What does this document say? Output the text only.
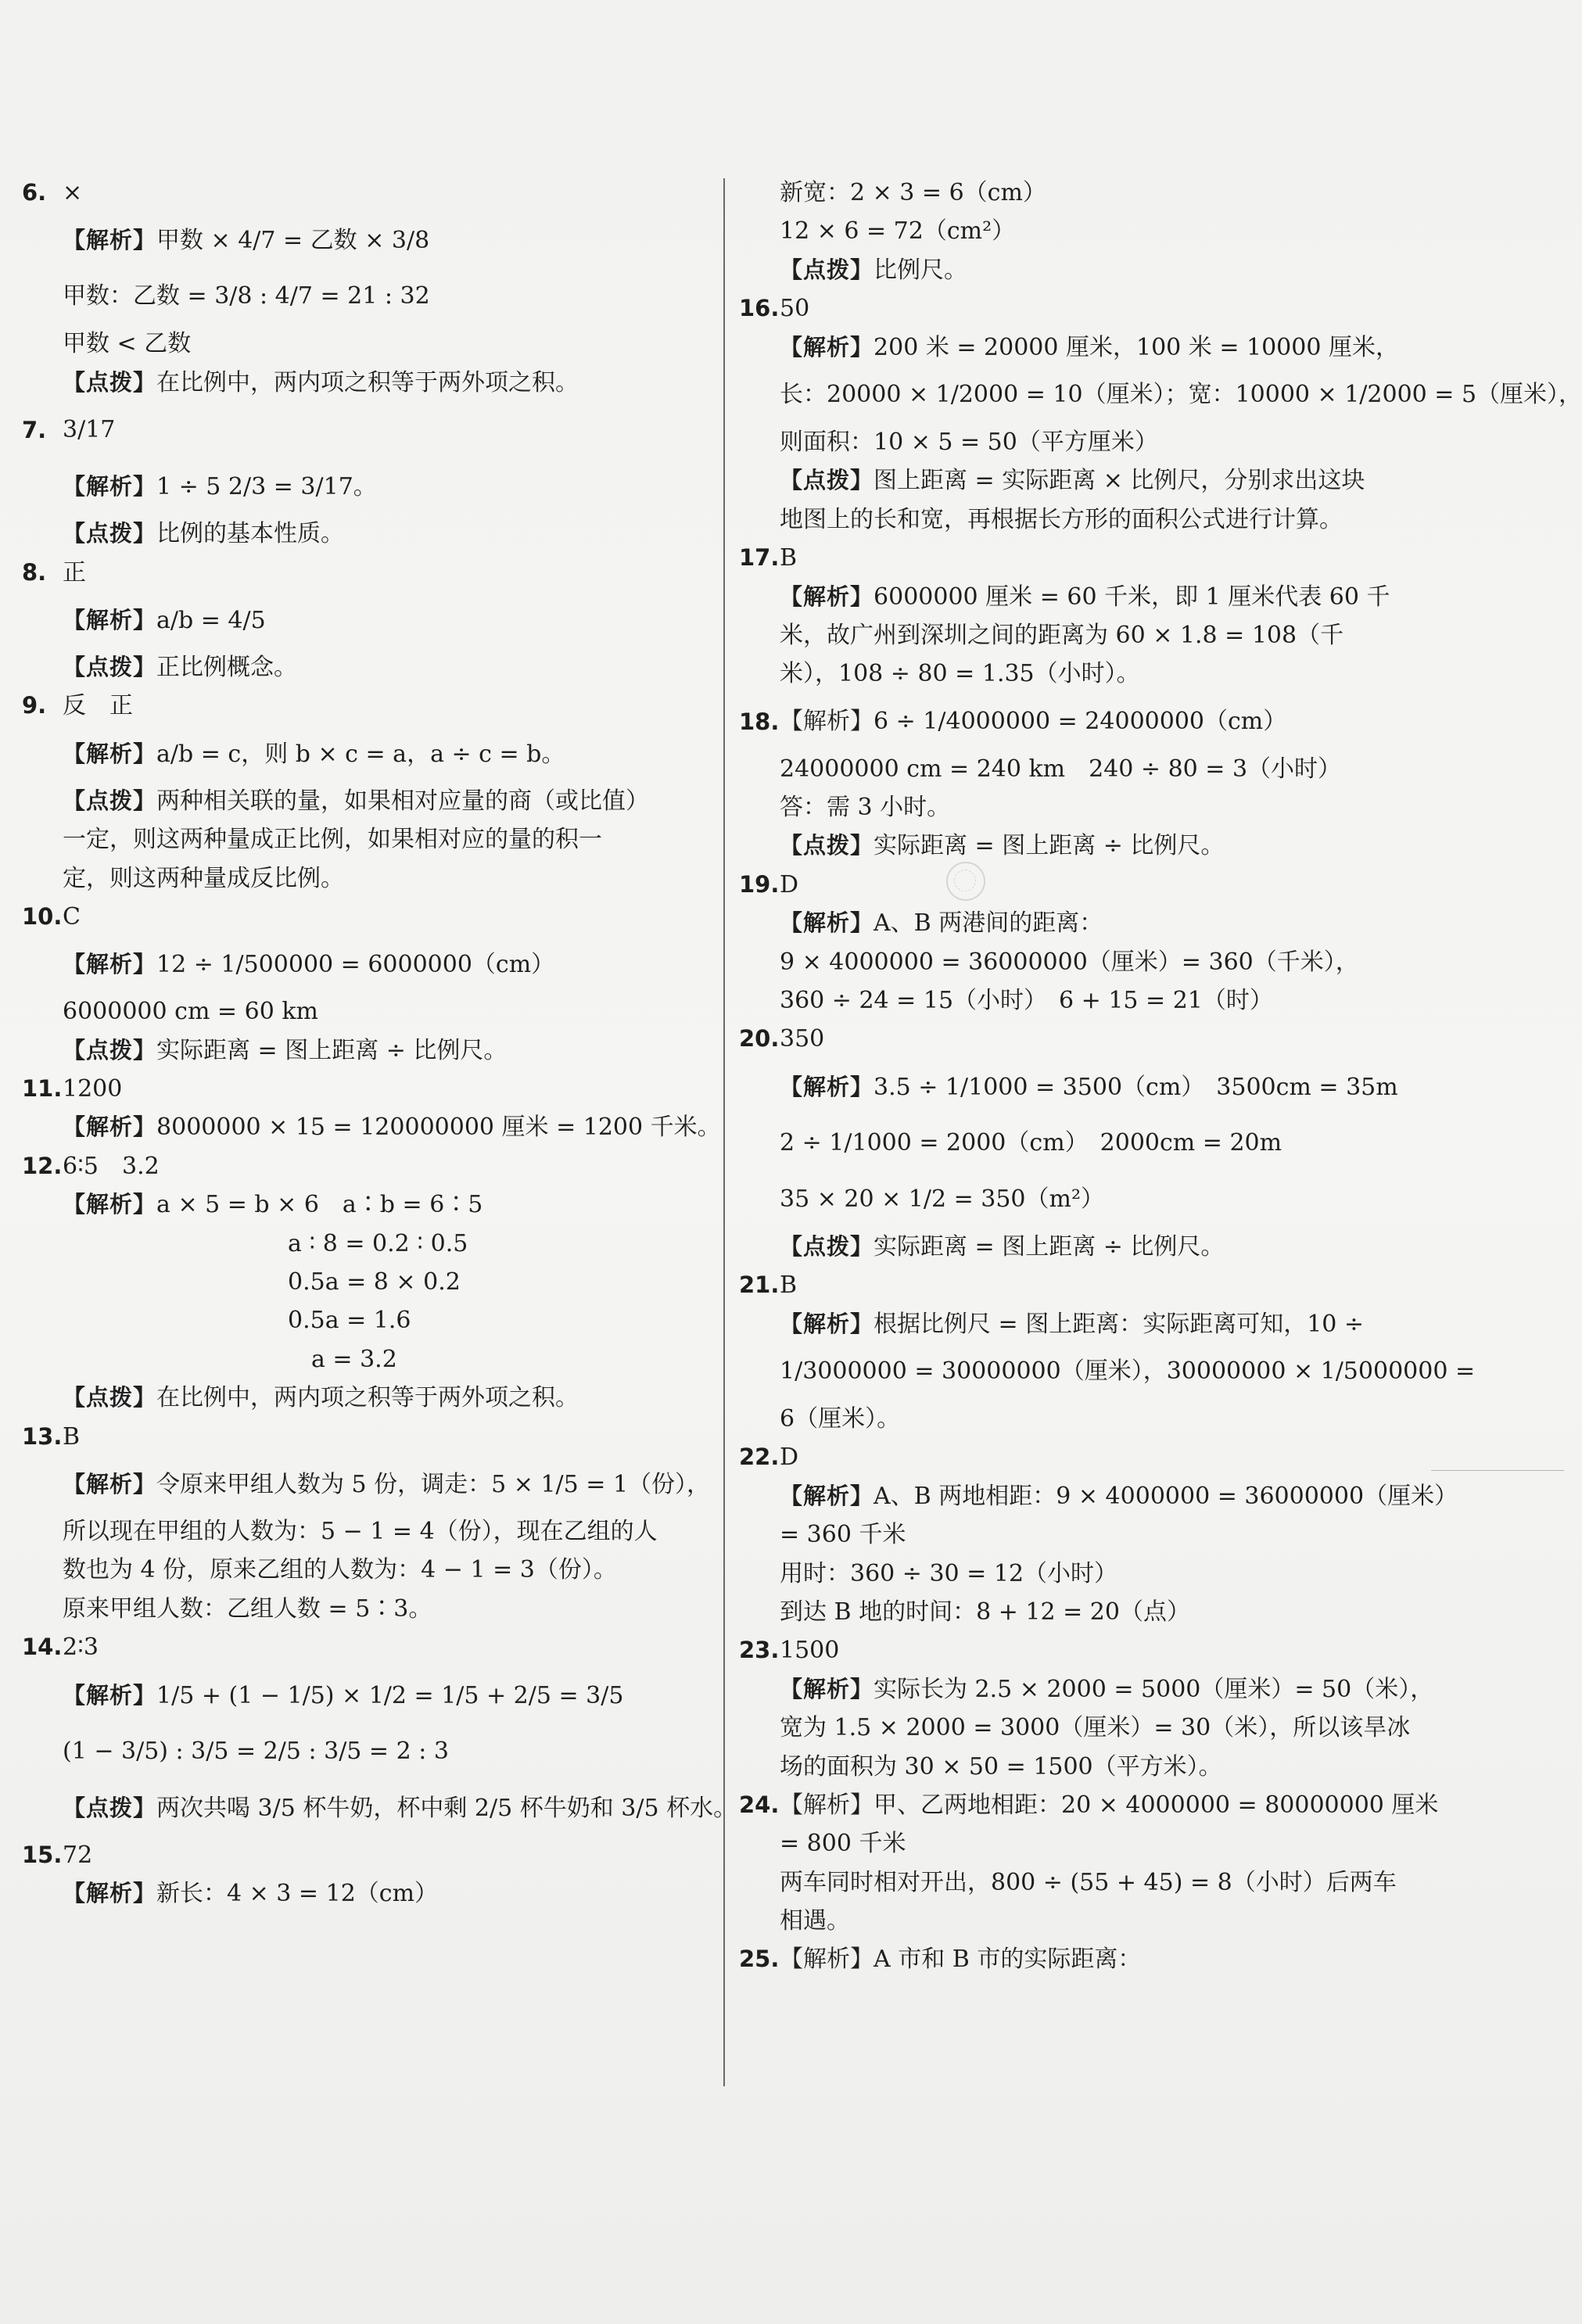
6. ×
【解析】甲数 × 4/7 = 乙数 × 3/8
甲数：乙数 = 3/8 : 4/7 = 21 : 32
甲数 < 乙数
【点拨】在比例中，两内项之积等于两外项之积。
7. 3/17
【解析】1 ÷ 5 2/3 = 3/17。
【点拨】比例的基本性质。
8. 正
【解析】a/b = 4/5
【点拨】正比例概念。
9. 反　正
【解析】a/b = c，则 b × c = a，a ÷ c = b。
【点拨】两种相关联的量，如果相对应量的商（或比值）
一定，则这两种量成正比例，如果相对应的量的积一
定，则这两种量成反比例。
10. C
【解析】12 ÷ 1/500000 = 6000000（cm）
6000000 cm = 60 km
【点拨】实际距离 = 图上距离 ÷ 比例尺。
11. 1200
【解析】8000000 × 15 = 120000000 厘米 = 1200 千米。
12. 6∶5　3.2
【解析】a × 5 = b × 6　a∶b = 6∶5
a ∶ 8 = 0.2 ∶ 0.5
0.5a = 8 × 0.2
0.5a = 1.6
　a = 3.2
【点拨】在比例中，两内项之积等于两外项之积。
13. B
【解析】令原来甲组人数为 5 份，调走：5 × 1/5 = 1（份），
所以现在甲组的人数为：5 − 1 = 4（份），现在乙组的人
数也为 4 份，原来乙组的人数为：4 − 1 = 3（份）。
原来甲组人数：乙组人数 = 5∶3。
14. 2∶3
【解析】1/5 + (1 − 1/5) × 1/2 = 1/5 + 2/5 = 3/5
(1 − 3/5) : 3/5 = 2/5 : 3/5 = 2 : 3
【点拨】两次共喝 3/5 杯牛奶，杯中剩 2/5 杯牛奶和 3/5 杯水。
15. 72
【解析】新长：4 × 3 = 12（cm）
新宽：2 × 3 = 6（cm）
12 × 6 = 72（cm²）
【点拨】比例尺。
16. 50
【解析】200 米 = 20000 厘米，100 米 = 10000 厘米，
长：20000 × 1/2000 = 10（厘米）；宽：10000 × 1/2000 = 5（厘米），
则面积：10 × 5 = 50（平方厘米）
【点拨】图上距离 = 实际距离 × 比例尺，分别求出这块
地图上的长和宽，再根据长方形的面积公式进行计算。
17. B
【解析】6000000 厘米 = 60 千米，即 1 厘米代表 60 千
米，故广州到深圳之间的距离为 60 × 1.8 = 108（千
米），108 ÷ 80 = 1.35（小时）。
18. 【解析】6 ÷ 1/4000000 = 24000000（cm）
24000000 cm = 240 km　240 ÷ 80 = 3（小时）
答：需 3 小时。
【点拨】实际距离 = 图上距离 ÷ 比例尺。
19. D
【解析】A、B 两港间的距离：
9 × 4000000 = 36000000（厘米）= 360（千米），
360 ÷ 24 = 15（小时）　6 + 15 = 21（时）
20. 350
【解析】3.5 ÷ 1/1000 = 3500（cm）　3500cm = 35m
2 ÷ 1/1000 = 2000（cm）　2000cm = 20m
35 × 20 × 1/2 = 350（m²）
【点拨】实际距离 = 图上距离 ÷ 比例尺。
21. B
【解析】根据比例尺 = 图上距离：实际距离可知，10 ÷
1/3000000 = 30000000（厘米），30000000 × 1/5000000 =
6（厘米）。
22. D
【解析】A、B 两地相距：9 × 4000000 = 36000000（厘米）
= 360 千米
用时：360 ÷ 30 = 12（小时）
到达 B 地的时间：8 + 12 = 20（点）
23. 1500
【解析】实际长为 2.5 × 2000 = 5000（厘米）= 50（米），
宽为 1.5 × 2000 = 3000（厘米）= 30（米），所以该旱冰
场的面积为 30 × 50 = 1500（平方米）。
24. 【解析】甲、乙两地相距：20 × 4000000 = 80000000 厘米
= 800 千米
两车同时相对开出，800 ÷ (55 + 45) = 8（小时）后两车
相遇。
25. 【解析】A 市和 B 市的实际距离：
